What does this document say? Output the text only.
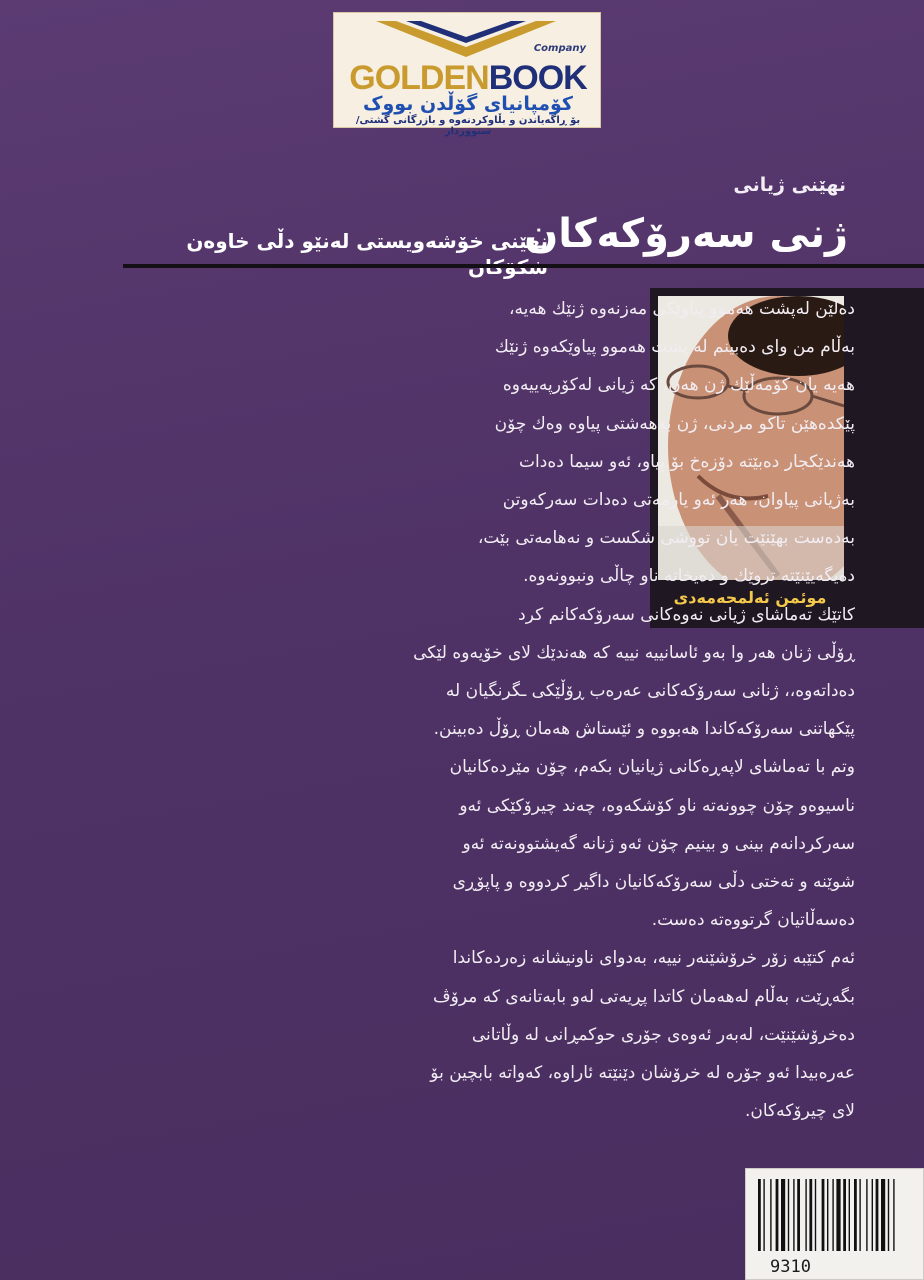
Company
GOLDENBOOK
كۆمپانیای گۆڵدن بووک
بۆ ڕاگەیاندن و بڵاوکردنەوە و بازرگانی گشتی/ سنووردار
نهێنی ژیانی
ژنی سەرۆکەکان
نهێنی خۆشەویستی لەنێو دڵی خاوەن
موئمن ئەلمحەمەدی

دەڵێن لەپشت هەموو پیاوێکی مەزنەوە ژنێك هەیە،

بەڵام من وای دەبینم لە پشت هەموو پیاوێکەوە ژنێك

هەیە یان کۆمەڵێك ژن هەن، کە ژیانی لەکۆرپەییەوە

پێکدەهێن تاکو مردنی، ژن بەهەشتی پیاوە وەك چۆن

هەندێکجار دەبێتە دۆزەخ بۆ پیاو، ئەو سیما دەدات

بەژیانی پیاوان، هەر ئەو یارمەتی دەدات سەرکەوتن

بەدەست بهێنێت یان تووشی شکست و نەهامەتی بێت،

دەیگەیێنێتە تروێك و دەیخاتە ناو چاڵی ونبوونەوە.

کاتێك تەماشای ژیانی نەوەکانی سەرۆکەکانم کرد

ڕۆڵی ژنان هەر وا بەو ئاسانییە نییە کە هەندێك لای خۆیەوە لێکی

دەداتەوە،، ژنانی سەرۆکەکانی عەرەب ڕۆڵێکی ـگرنگیان لە

پێکهاتنی سەرۆکەکاندا هەبووە و ئێستاش هەمان ڕۆڵ دەبینن.

وتم با تەماشای لاپەڕەکانی ژیانیان بکەم، چۆن مێردەکانیان

ناسیوەو چۆن چوونەتە ناو کۆشکەوە، چەند چیرۆکێکی ئەو

سەرکردانەم بینی و بینیم چۆن ئەو ژنانە گەیشتوونەتە ئەو

شوێنە و تەختی دڵی سەرۆکەکانیان داگیر کردووە و پاپۆڕی

دەسەڵاتیان گرتووەتە دەست.

ئەم کتێبە زۆر خرۆشێنەر نییە، بەدوای ناونیشانە زەردەکاندا

بگەڕێت، بەڵام لەهەمان کاتدا پڕیەتی لەو بابەتانەی کە مرۆڤ

دەخرۆشێنێت، لەبەر ئەوەی جۆری حوکمڕانی لە وڵاتانی

عەرەبیدا ئەو جۆرە لە خرۆشان دێنێتە ئاراوە، کەواتە بابچین بۆ

لای چیرۆکەکان.

9310
